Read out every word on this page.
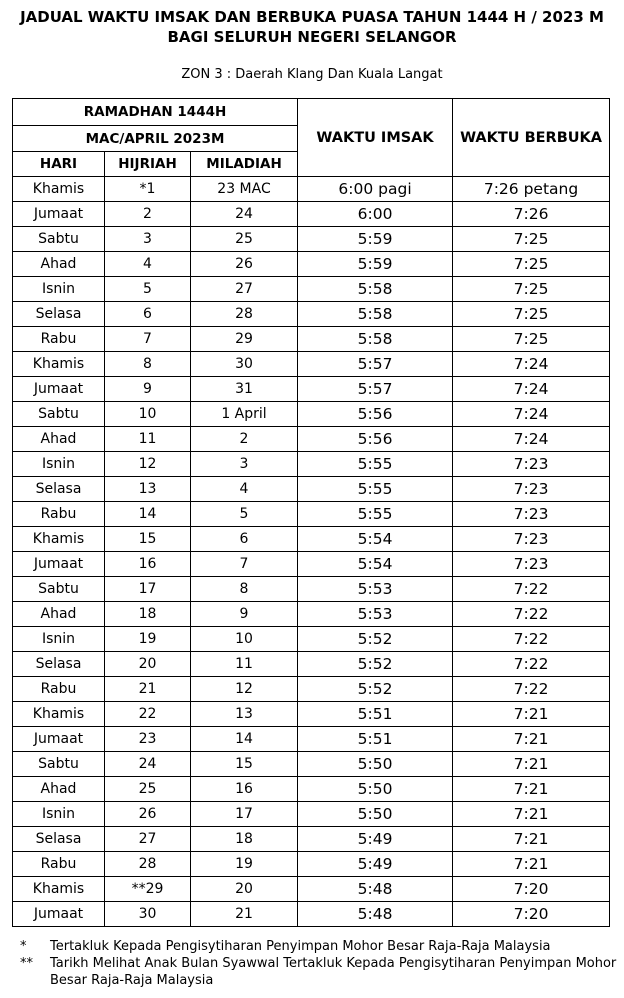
JADUAL WAKTU IMSAK DAN BERBUKA PUASA TAHUN 1444 H / 2023 M
BAGI SELURUH NEGERI SELANGOR
ZON 3 : Daerah Klang Dan Kuala Langat
RAMADHAN 1444H			WAKTU IMSAK	WAKTU BERBUKA
MAC/APRIL 2023M				
HARI	HIJRIAH	MILADIAH		
Khamis	*1	23 MAC	6:00 pagi	7:26 petang
Jumaat	2	24	6:00	7:26
Sabtu	3	25	5:59	7:25
Ahad	4	26	5:59	7:25
Isnin	5	27	5:58	7:25
Selasa	6	28	5:58	7:25
Rabu	7	29	5:58	7:25
Khamis	8	30	5:57	7:24
Jumaat	9	31	5:57	7:24
Sabtu	10	1 April	5:56	7:24
Ahad	11	2	5:56	7:24
Isnin	12	3	5:55	7:23
Selasa	13	4	5:55	7:23
Rabu	14	5	5:55	7:23
Khamis	15	6	5:54	7:23
Jumaat	16	7	5:54	7:23
Sabtu	17	8	5:53	7:22
Ahad	18	9	5:53	7:22
Isnin	19	10	5:52	7:22
Selasa	20	11	5:52	7:22
Rabu	21	12	5:52	7:22
Khamis	22	13	5:51	7:21
Jumaat	23	14	5:51	7:21
Sabtu	24	15	5:50	7:21
Ahad	25	16	5:50	7:21
Isnin	26	17	5:50	7:21
Selasa	27	18	5:49	7:21
Rabu	28	19	5:49	7:21
Khamis	**29	20	5:48	7:20
Jumaat	30	21	5:48	7:20
* Tertakluk Kepada Pengisytiharan Penyimpan Mohor Besar Raja-Raja Malaysia
** Tarikh Melihat Anak Bulan Syawwal Tertakluk Kepada Pengisytiharan Penyimpan Mohor Besar Raja-Raja Malaysia
